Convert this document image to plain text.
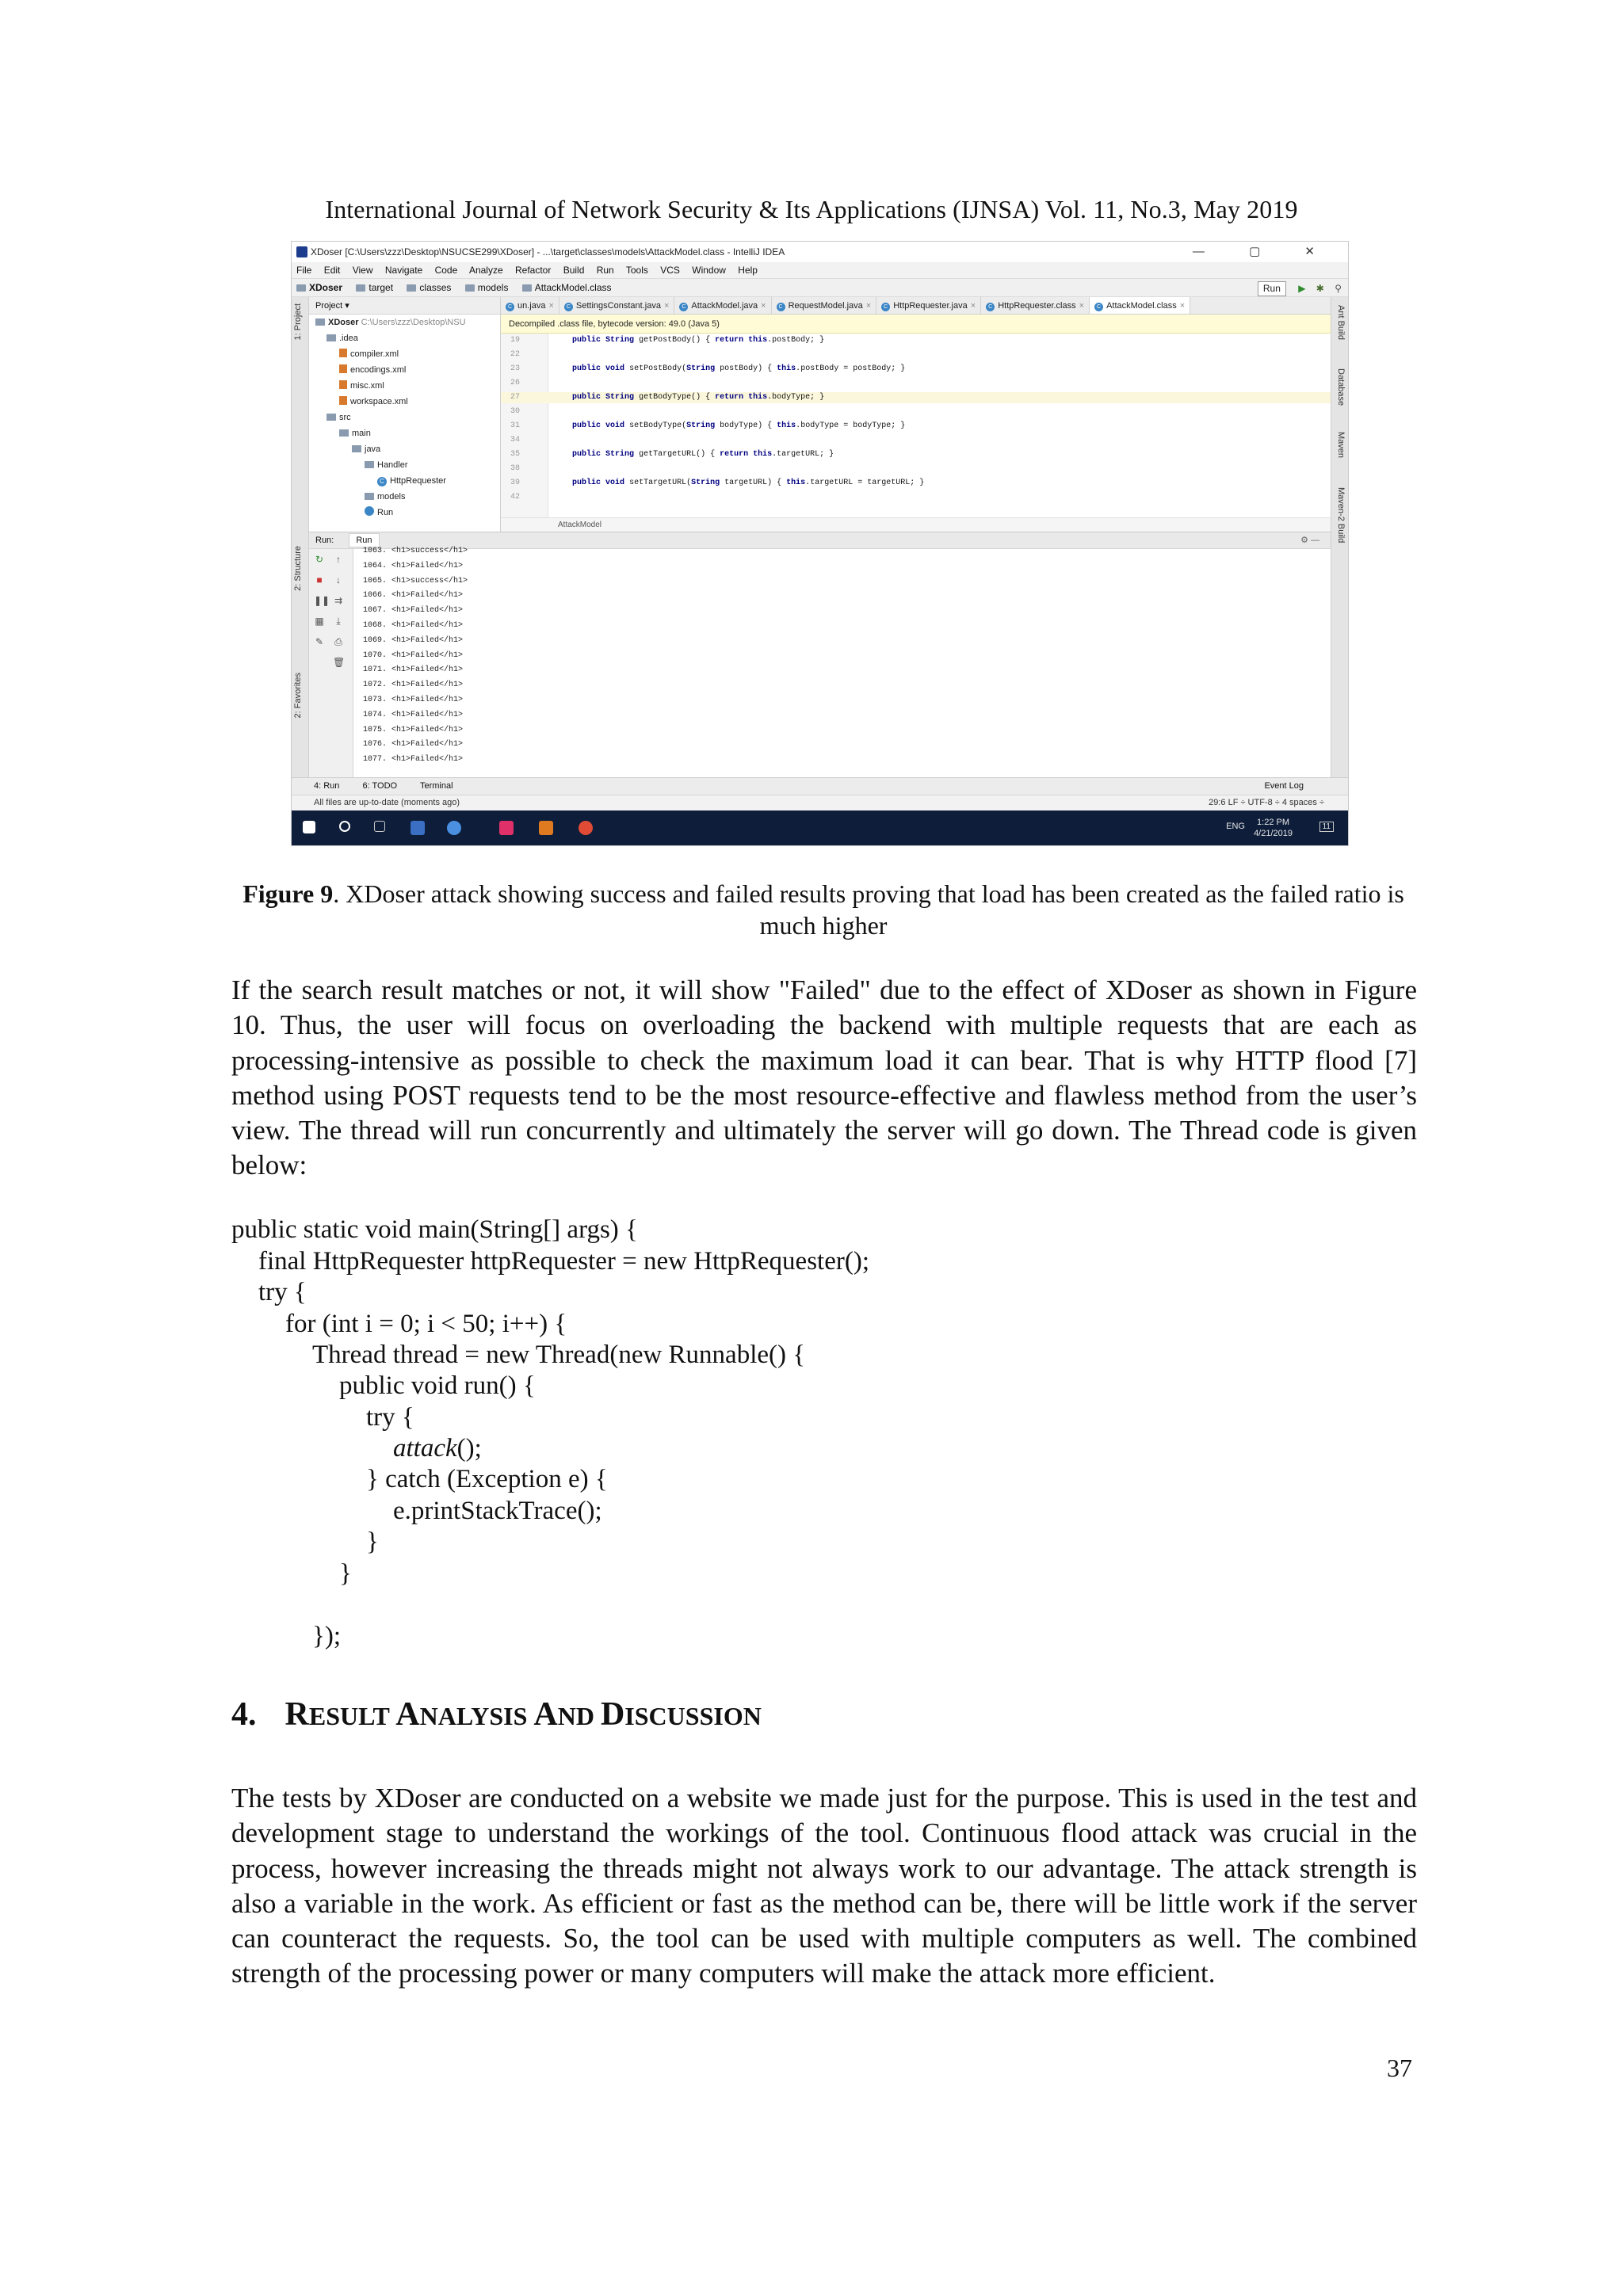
International Journal of Network Security & Its Applications (IJNSA) Vol. 11, No.3, May 2019
XDoser [C:\Users\zzz\Desktop\NSUCSE299\XDoser] - ...\target\classes\models\AttackModel.class - IntelliJ IDEA	— ▢ ✕
File Edit View Navigate Code Analyze Refactor Build Run Tools VCS Window Help
XDoser	target	classes	models	AttackModel.class	Run ▶ ✱ ⚲
1: Project
2: Structure
2: Favorites
Ant Build
Database
Maven
Maven-2 Build
Project ▾
XDoser C:\Users\zzz\Desktop\NSU
.idea
compiler.xml
encodings.xml
misc.xml
workspace.xml
src
main
java
Handler
C HttpRequester
models
Run
C un.java ×	C SettingsConstant.java ×	C AttackModel.java ×	C RequestModel.java ×	C HttpRequester.java ×	C HttpRequester.class ×	C AttackModel.class ×
Decompiled .class file, bytecode version: 49.0 (Java 5)
19	public String getPostBody() { return this.postBody; }
22
23	public void setPostBody(String postBody) { this.postBody = postBody; }
26
27	public String getBodyType() { return this.bodyType; }
30
31	public void setBodyType(String bodyType) { this.bodyType = bodyType; }
34
35	public String getTargetURL() { return this.targetURL; }
38
39	public void setTargetURL(String targetURL) { this.targetURL = targetURL; }
42
AttackModel
Run:	Run	⚙ —
↻	↑
■	↓
❚❚ ⇉
▦	⤓
✎ ⎙
🗑
1063. <h1>success</h1>
1064. <h1>Failed</h1>
1065. <h1>success</h1>
1066. <h1>Failed</h1>
1067. <h1>Failed</h1>
1068. <h1>Failed</h1>
1069. <h1>Failed</h1>
1070. <h1>Failed</h1>
1071. <h1>Failed</h1>
1072. <h1>Failed</h1>
1073. <h1>Failed</h1>
1074. <h1>Failed</h1>
1075. <h1>Failed</h1>
1076. <h1>Failed</h1>
1077. <h1>Failed</h1>
4: Run	6: TODO	Terminal	Event Log
All files are up-to-date (moments ago)	29:6 LF ÷ UTF-8 ÷ 4 spaces ÷
ENG	1:22 PM
4/21/2019
11
Figure 9. XDoser attack showing success and failed results proving that load has been created as the failed ratio is much higher
If the search result matches or not, it will show "Failed" due to the effect of XDoser as shown in Figure 10. Thus, the user will focus on overloading the backend with multiple requests that are each as processing-intensive as possible to check the maximum load it can bear. That is why HTTP flood [7] method using POST requests tend to be the most resource-effective and flawless method from the user’s view. The thread will run concurrently and ultimately the server will go down. The Thread code is given below:
public static void main(String[] args) {
final HttpRequester httpRequester = new HttpRequester();
try {
for (int i = 0; i < 50; i++) {
Thread thread = new Thread(new Runnable() {
public void run() {
try {
attack();
} catch (Exception e) {
e.printStackTrace();
}
}
});
4. RESULT ANALYSIS AND DISCUSSION
The tests by XDoser are conducted on a website we made just for the purpose. This is used in the test and development stage to understand the workings of the tool. Continuous flood attack was crucial in the process, however increasing the threads might not always work to our advantage. The attack strength is also a variable in the work. As efficient or fast as the method can be, there will be little work if the server can counteract the requests. So, the tool can be used with multiple computers as well. The combined strength of the processing power or many computers will make the attack more efficient.
37
